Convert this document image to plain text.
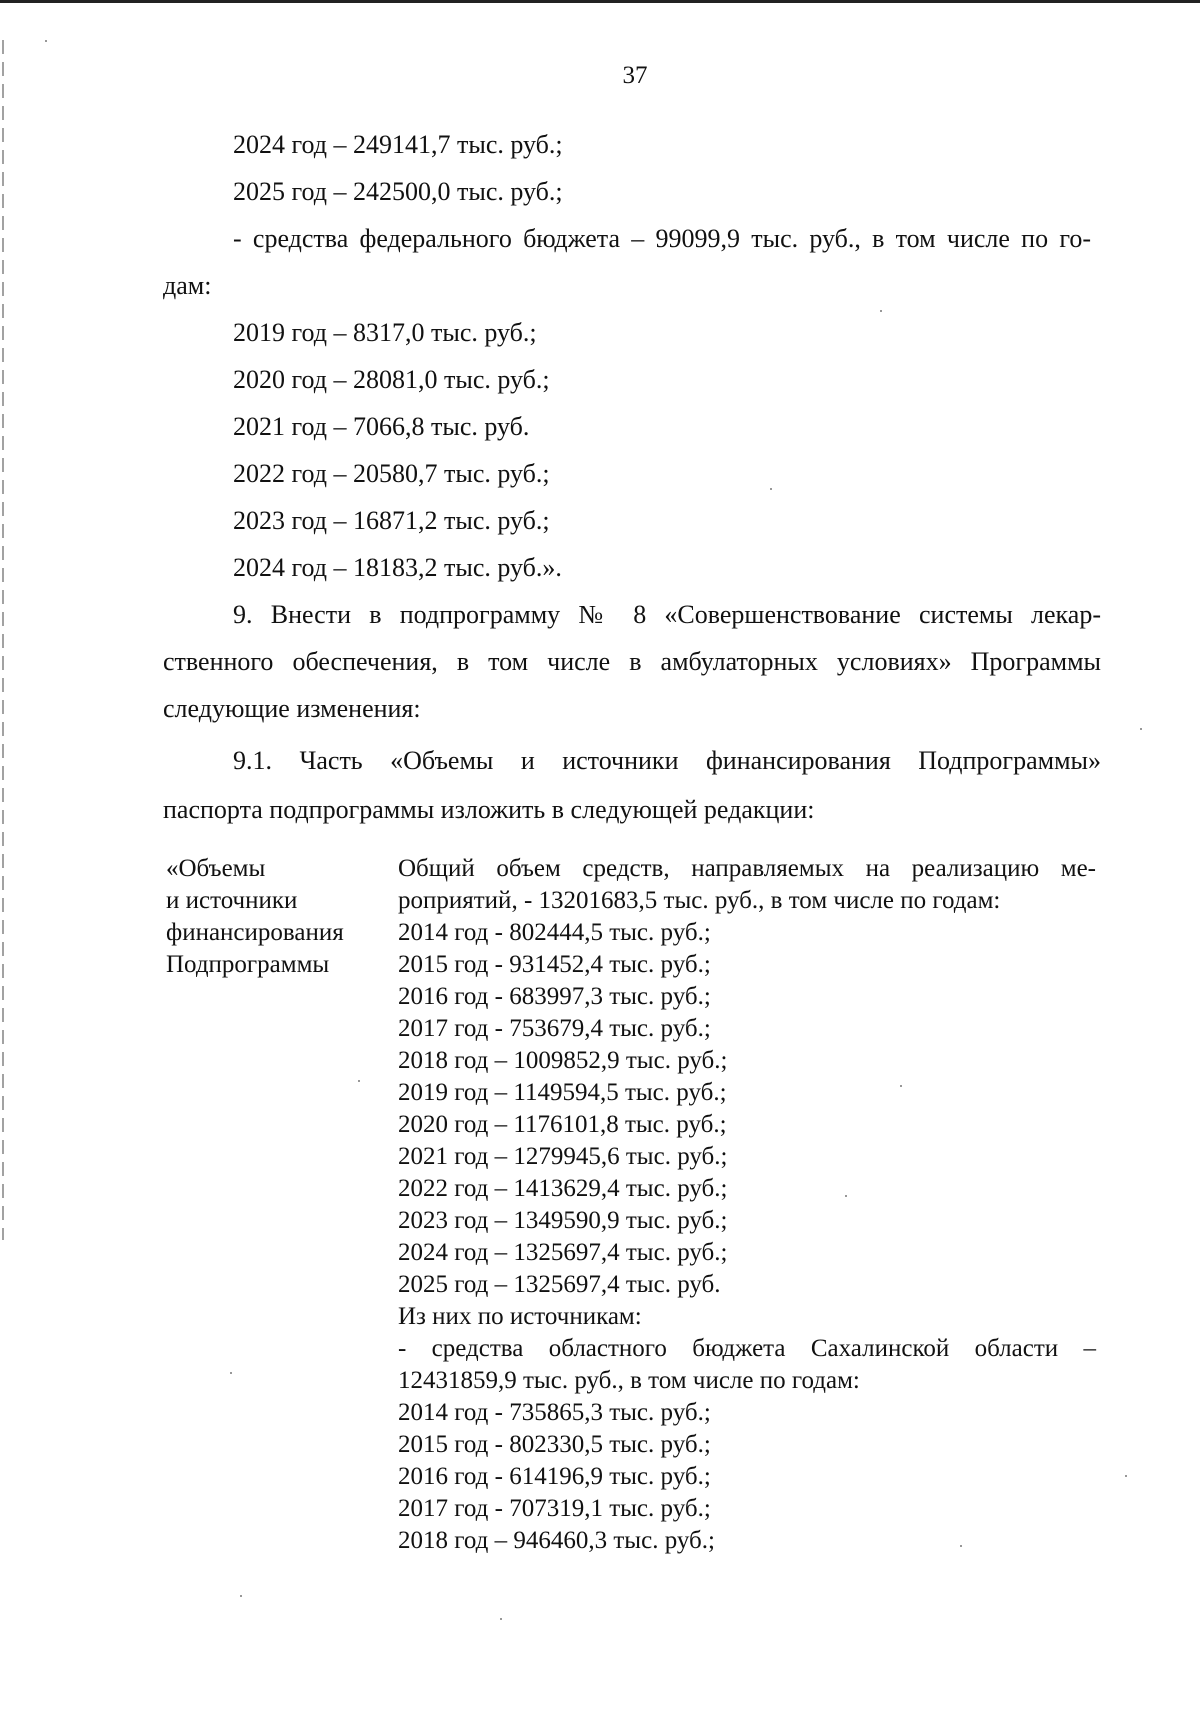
37
2024 год – 249141,7 тыс. руб.;
2025 год – 242500,0 тыс. руб.;
- средства федерального бюджета – 99099,9 тыс. руб., в том числе по го-
дам:
2019 год – 8317,0 тыс. руб.;
2020 год – 28081,0 тыс. руб.;
2021 год – 7066,8 тыс. руб.
2022 год – 20580,7 тыс. руб.;
2023 год – 16871,2 тыс. руб.;
2024 год – 18183,2 тыс. руб.».
9. Внести в подпрограмму № 8 «Совершенствование системы лекар-
ственного обеспечения, в том числе в амбулаторных условиях» Программы
следующие изменения:
9.1. Часть «Объемы и источники финансирования Подпрограммы»
паспорта подпрограммы изложить в следующей редакции:
«Объемы
и источники
финансирования
Подпрограммы
Общий объем средств, направляемых на реализацию ме-
роприятий, - 13201683,5 тыс. руб., в том числе по годам:
2014 год - 802444,5 тыс. руб.;
2015 год - 931452,4 тыс. руб.;
2016 год - 683997,3 тыс. руб.;
2017 год - 753679,4 тыс. руб.;
2018 год – 1009852,9 тыс. руб.;
2019 год – 1149594,5 тыс. руб.;
2020 год – 1176101,8 тыс. руб.;
2021 год – 1279945,6 тыс. руб.;
2022 год – 1413629,4 тыс. руб.;
2023 год – 1349590,9 тыс. руб.;
2024 год – 1325697,4 тыс. руб.;
2025 год – 1325697,4 тыс. руб.
Из них по источникам:
- средства областного бюджета Сахалинской области –
12431859,9 тыс. руб., в том числе по годам:
2014 год - 735865,3 тыс. руб.;
2015 год - 802330,5 тыс. руб.;
2016 год - 614196,9 тыс. руб.;
2017 год - 707319,1 тыс. руб.;
2018 год – 946460,3 тыс. руб.;
